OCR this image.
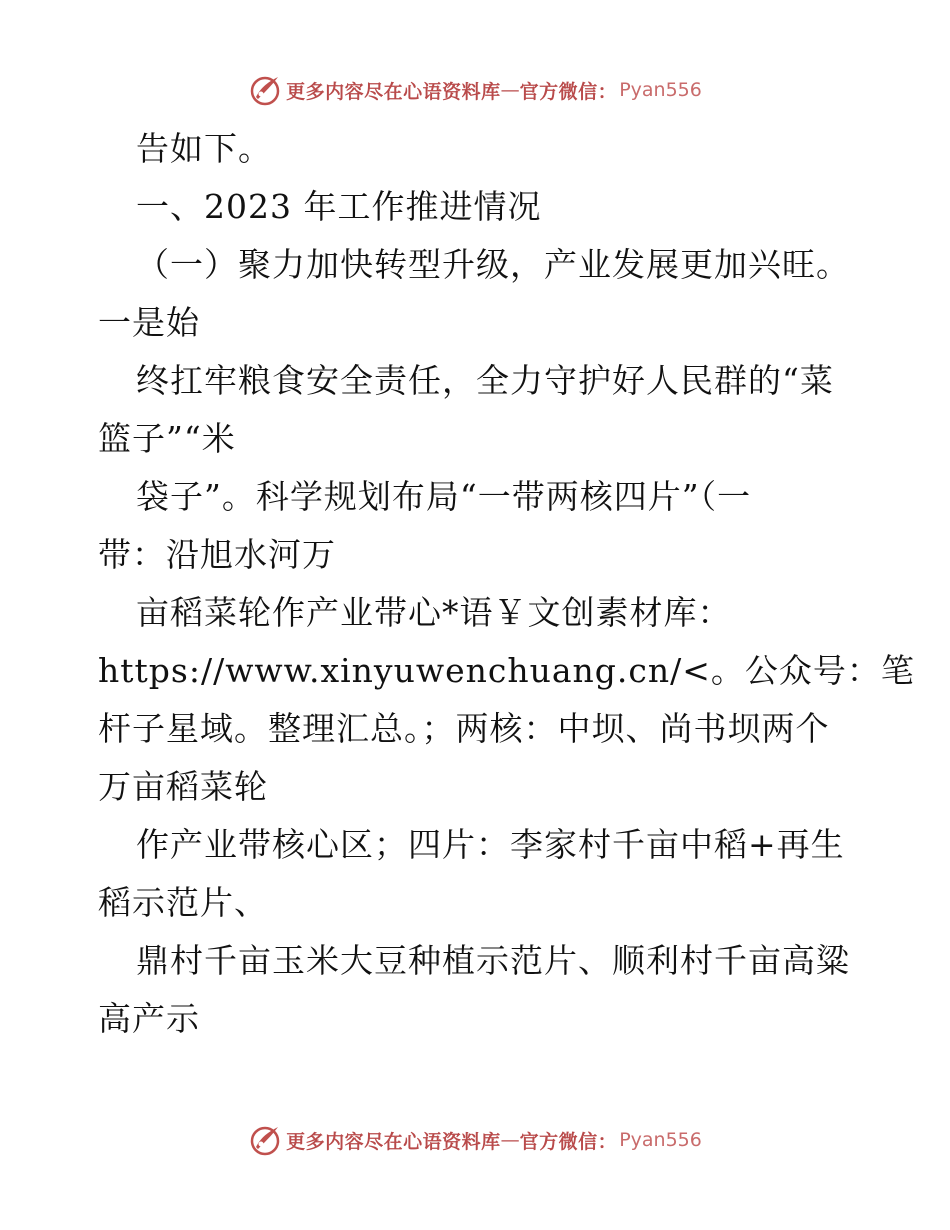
更多内容尽在心语资料库 — 官方微信： Pyan556
告如下。
一、2023 年工作推进情况
（一）聚力加快转型升级，产业发展更加兴旺。
一是始
终扛牢粮食安全责任，全力守护好人民群的“菜
篮子”“米
袋子”。科学规划布局“一带两核四片”（一
带：沿旭水河万
亩稻菜轮作产业带心*语￥文创素材库：
https://www.xinyuwenchuang.cn/<。公众号：笔
杆子星域。整理汇总。；两核：中坝、尚书坝两个
万亩稻菜轮
作产业带核心区；四片：李家村千亩中稻+再生
稻示范片、
鼎村千亩玉米大豆种植示范片、顺利村千亩高粱
高产示
更多内容尽在心语资料库 — 官方微信： Pyan556
